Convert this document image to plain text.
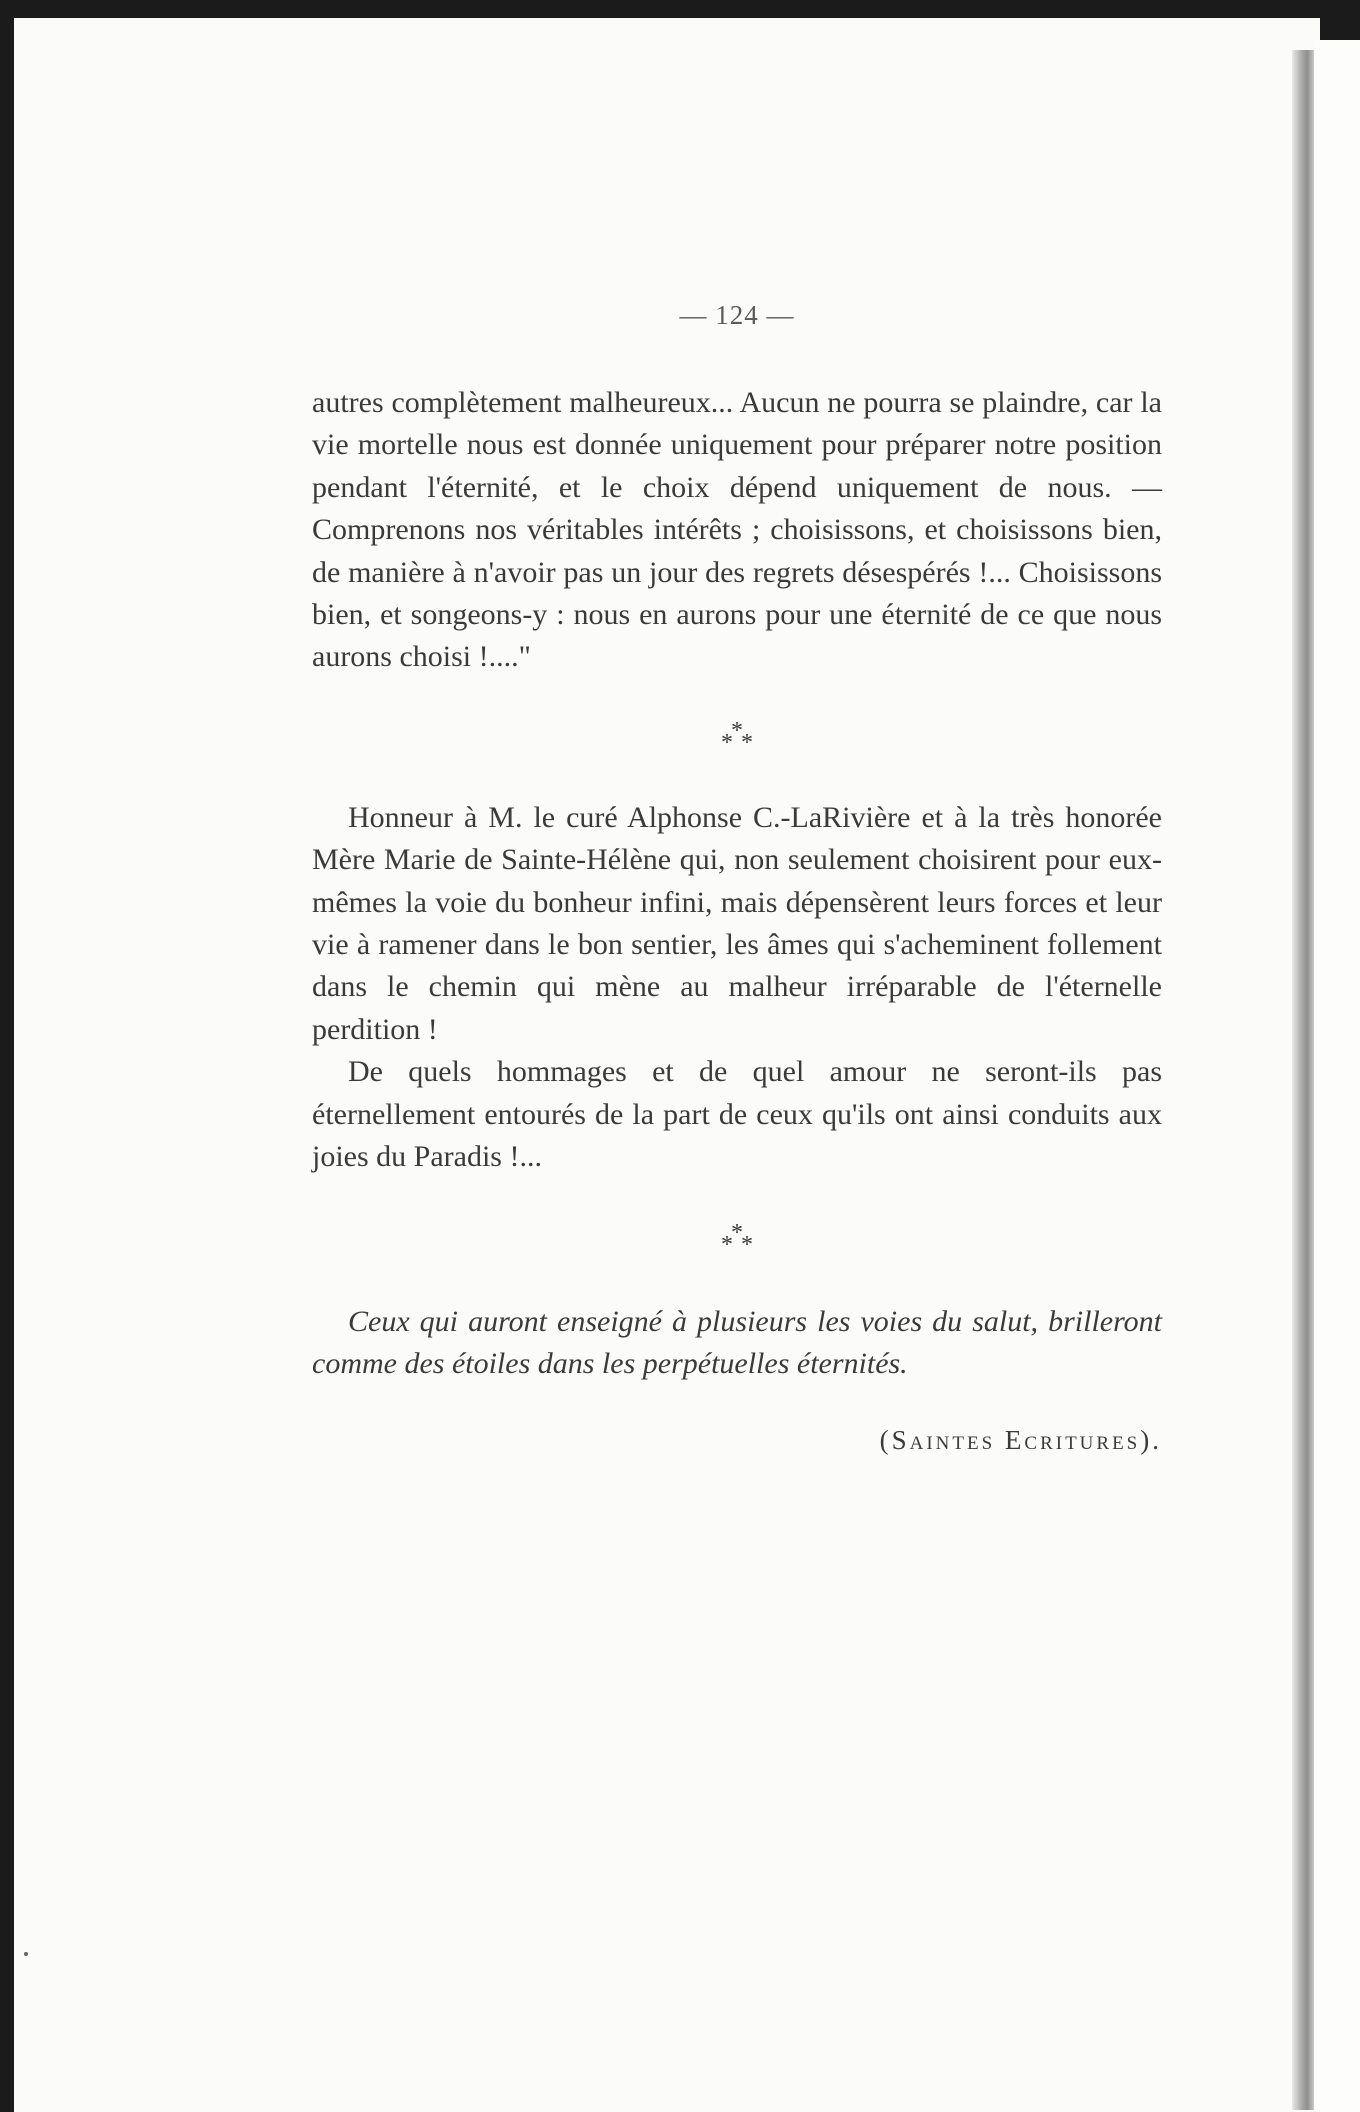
— 124 —

autres complètement malheureux... Aucun ne pourra se plaindre, car la vie mortelle nous est donnée uniquement pour préparer notre position pendant l'éternité, et le choix dépend uniquement de nous. — Comprenons nos véritables intérêts ; choisissons, et choisissons bien, de manière à n'avoir pas un jour des regrets désespérés !... Choisissons bien, et songeons-y : nous en aurons pour une éternité de ce que nous aurons choisi !...."

*
* *

Honneur à M. le curé Alphonse C.-LaRivière et à la très honorée Mère Marie de Sainte-Hélène qui, non seulement choisirent pour eux-mêmes la voie du bonheur infini, mais dépensèrent leurs forces et leur vie à ramener dans le bon sentier, les âmes qui s'acheminent follement dans le chemin qui mène au malheur irréparable de l'éternelle perdition !

De quels hommages et de quel amour ne seront-ils pas éternellement entourés de la part de ceux qu'ils ont ainsi conduits aux joies du Paradis !...

*
* *

Ceux qui auront enseigné à plusieurs les voies du salut, brilleront comme des étoiles dans les perpétuelles éternités.

(Saintes Ecritures).
